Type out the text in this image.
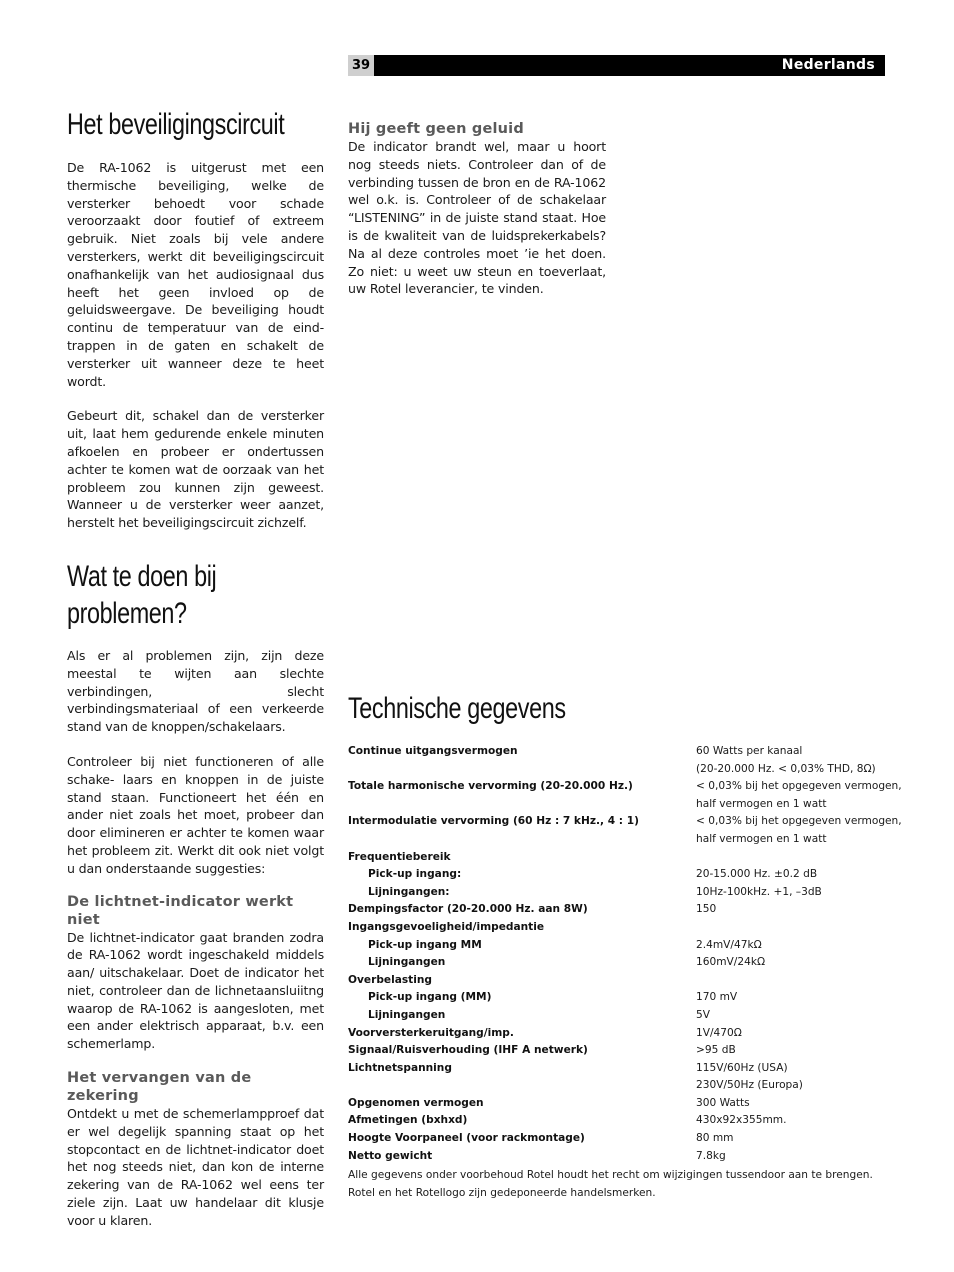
39	Nederlands
Het beveiligingscircuit

De RA-1062 is uitgerust met een thermische beveiliging, welke de versterker behoedt voor schade veroorzaakt door foutief of extreem gebruik. Niet zoals bij vele andere versterkers, werkt dit beveiligingscircuit onafhankelijk van het audiosignaal dus heeft het geen invloed op de geluidsweergave. De beveiliging houdt continu de temperatuur van de eind- trappen in de gaten en schakelt de versterker uit wanneer deze te heet wordt.

Gebeurt dit, schakel dan de versterker uit, laat hem gedurende enkele minuten afkoelen en probeer er ondertussen achter te komen wat de oorzaak van het probleem zou kunnen zijn geweest. Wanneer u de versterker weer aanzet, herstelt het beveiligingscircuit zichzelf.

Wat te doen bij problemen?

Als er al problemen zijn, zijn deze meestal te wijten aan slechte verbindingen, slecht verbindingsmateriaal of een verkeerde stand van de knoppen/schakelaars.

Controleer bij niet functioneren of alle schake- laars en knoppen in de juiste stand staan. Functioneert het één en ander niet zoals het moet, probeer dan door elimineren er achter te komen waar het probleem zit. Werkt dit ook niet volgt u dan onderstaande suggesties:

De lichtnet-indicator werkt niet

De lichtnet-indicator gaat branden zodra de RA-1062 wordt ingeschakeld middels aan/ uitschakelaar. Doet de indicator het niet, controleer dan de lichnetaansluiitng waarop de RA-1062 is aangesloten, met een ander elektrisch apparaat, b.v. een schemerlamp.

Het vervangen van de zekering

Ontdekt u met de schemerlampproef dat er wel degelijk spanning staat op het stopcontact en de lichtnet-indicator doet het nog steeds niet, dan kon de interne zekering van de RA-1062 wel eens ter ziele zijn. Laat uw handelaar dit klusje voor u klaren.

Hij geeft geen geluid

De indicator brandt wel, maar u hoort nog steeds niets. Controleer dan of de verbinding tussen de bron en de RA-1062 wel o.k. is. Controleer of de schakelaar “LISTENING” in de juiste stand staat. Hoe is de kwaliteit van de luidsprekerkabels? Na al deze controles moet ’ie het doen. Zo niet: u weet uw steun en toeverlaat, uw Rotel leverancier, te vinden.

Technische gegevens
Continue uitgangsvermogen	60 Watts per kanaal
(20-20.000 Hz. < 0,03% THD, 8Ω)
Totale harmonische vervorming (20-20.000 Hz.)	< 0,03% bij het opgegeven vermogen,
half vermogen en 1 watt
Intermodulatie vervorming (60 Hz : 7 kHz., 4 : 1)	< 0,03% bij het opgegeven vermogen,
half vermogen en 1 watt
Frequentiebereik
Pick-up ingang:	20-15.000 Hz. ±0.2 dB
Lijningangen:	10Hz-100kHz. +1, –3dB
Dempingsfactor (20-20.000 Hz. aan 8W)	150
Ingangsgevoeligheid/impedantie
Pick-up ingang MM	2.4mV/47kΩ
Lijningangen	160mV/24kΩ
Overbelasting
Pick-up ingang (MM)	170 mV
Lijningangen	5V
Voorversterkeruitgang/imp.	1V/470Ω
Signaal/Ruisverhouding (IHF A netwerk)	>95 dB
Lichtnetspanning	115V/60Hz (USA)
230V/50Hz (Europa)
Opgenomen vermogen	300 Watts
Afmetingen (bxhxd)	430x92x355mm.
Hoogte Voorpaneel (voor rackmontage)	80 mm
Netto gewicht	7.8kg
Alle gegevens onder voorbehoud Rotel houdt het recht om wijzigingen tussendoor aan te brengen.
Rotel en het Rotellogo zijn gedeponeerde handelsmerken.
